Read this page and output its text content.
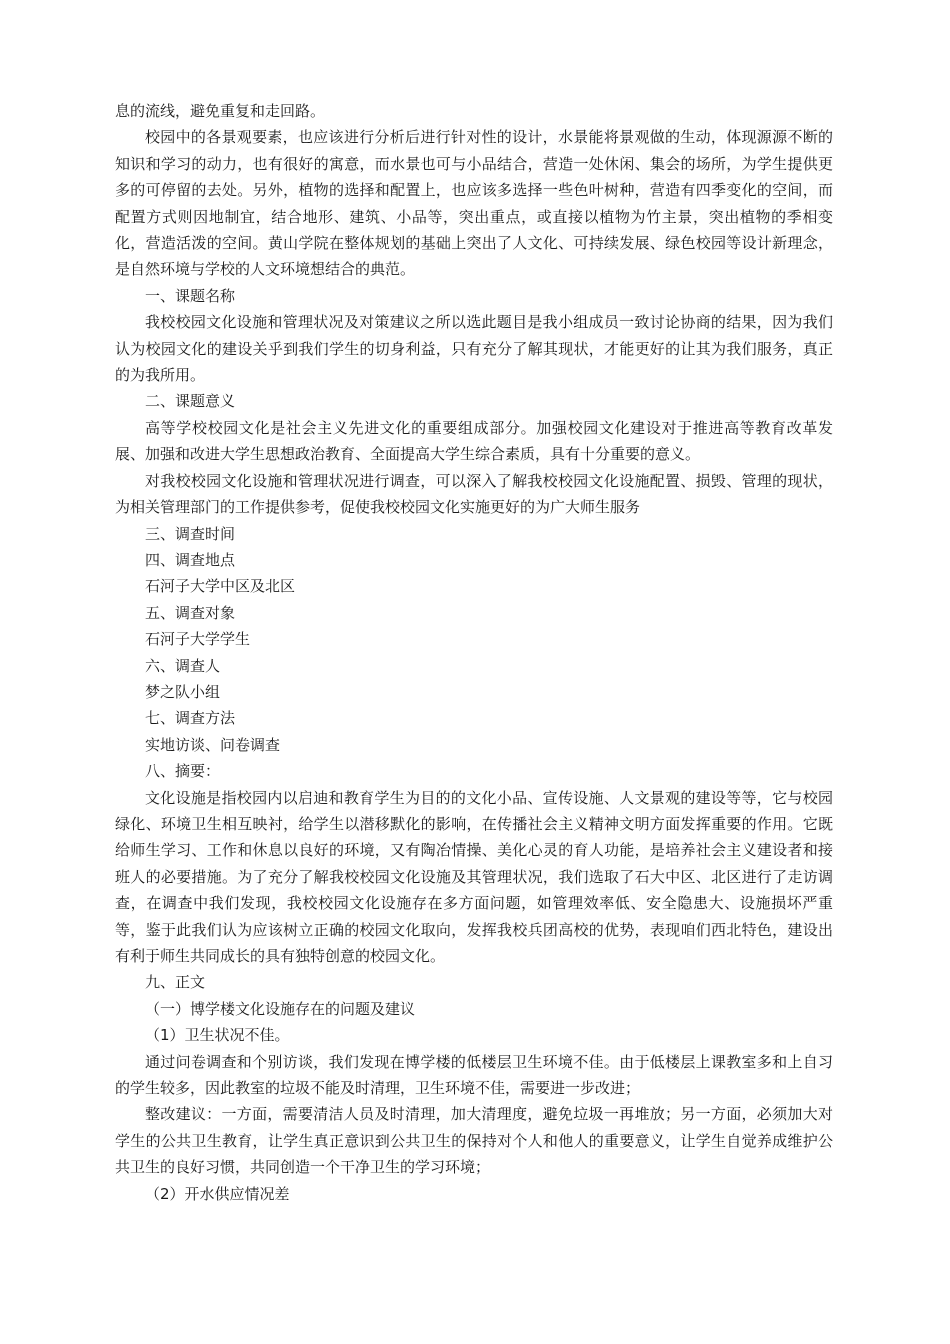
息的流线，避免重复和走回路。

校园中的各景观要素，也应该进行分析后进行针对性的设计，水景能将景观做的生动，体现源源不断的知识和学习的动力，也有很好的寓意，而水景也可与小品结合，营造一处休闲、集会的场所，为学生提供更多的可停留的去处。另外，植物的选择和配置上，也应该多选择一些色叶树种，营造有四季变化的空间，而配置方式则因地制宜，结合地形、建筑、小品等，突出重点，或直接以植物为竹主景，突出植物的季相变化，营造活泼的空间。黄山学院在整体规划的基础上突出了人文化、可持续发展、绿色校园等设计新理念，是自然环境与学校的人文环境想结合的典范。

一、课题名称

我校校园文化设施和管理状况及对策建议之所以选此题目是我小组成员一致讨论协商的结果，因为我们认为校园文化的建设关乎到我们学生的切身利益，只有充分了解其现状，才能更好的让其为我们服务，真正的为我所用。

二、课题意义

高等学校校园文化是社会主义先进文化的重要组成部分。加强校园文化建设对于推进高等教育改革发展、加强和改进大学生思想政治教育、全面提高大学生综合素质，具有十分重要的意义。

对我校校园文化设施和管理状况进行调查，可以深入了解我校校园文化设施配置、损毁、管理的现状，为相关管理部门的工作提供参考，促使我校校园文化实施更好的为广大师生服务

三、调查时间

四、调查地点

石河子大学中区及北区

五、调查对象

石河子大学学生

六、调查人

梦之队小组

七、调查方法

实地访谈、问卷调查

八、摘要：

文化设施是指校园内以启迪和教育学生为目的的文化小品、宣传设施、人文景观的建设等等，它与校园绿化、环境卫生相互映衬，给学生以潜移默化的影响，在传播社会主义精神文明方面发挥重要的作用。它既给师生学习、工作和休息以良好的环境，又有陶冶情操、美化心灵的育人功能，是培养社会主义建设者和接班人的必要措施。为了充分了解我校校园文化设施及其管理状况，我们选取了石大中区、北区进行了走访调查，在调查中我们发现，我校校园文化设施存在多方面问题，如管理效率低、安全隐患大、设施损坏严重等，鉴于此我们认为应该树立正确的校园文化取向，发挥我校兵团高校的优势，表现咱们西北特色，建设出有利于师生共同成长的具有独特创意的校园文化。

九、正文

（一）博学楼文化设施存在的问题及建议

（1）卫生状况不佳。

通过问卷调查和个别访谈，我们发现在博学楼的低楼层卫生环境不佳。由于低楼层上课教室多和上自习的学生较多，因此教室的垃圾不能及时清理，卫生环境不佳，需要进一步改进；

整改建议：一方面，需要清洁人员及时清理，加大清理度，避免垃圾一再堆放；另一方面，必须加大对学生的公共卫生教育，让学生真正意识到公共卫生的保持对个人和他人的重要意义，让学生自觉养成维护公共卫生的良好习惯，共同创造一个干净卫生的学习环境；

（2）开水供应情况差
